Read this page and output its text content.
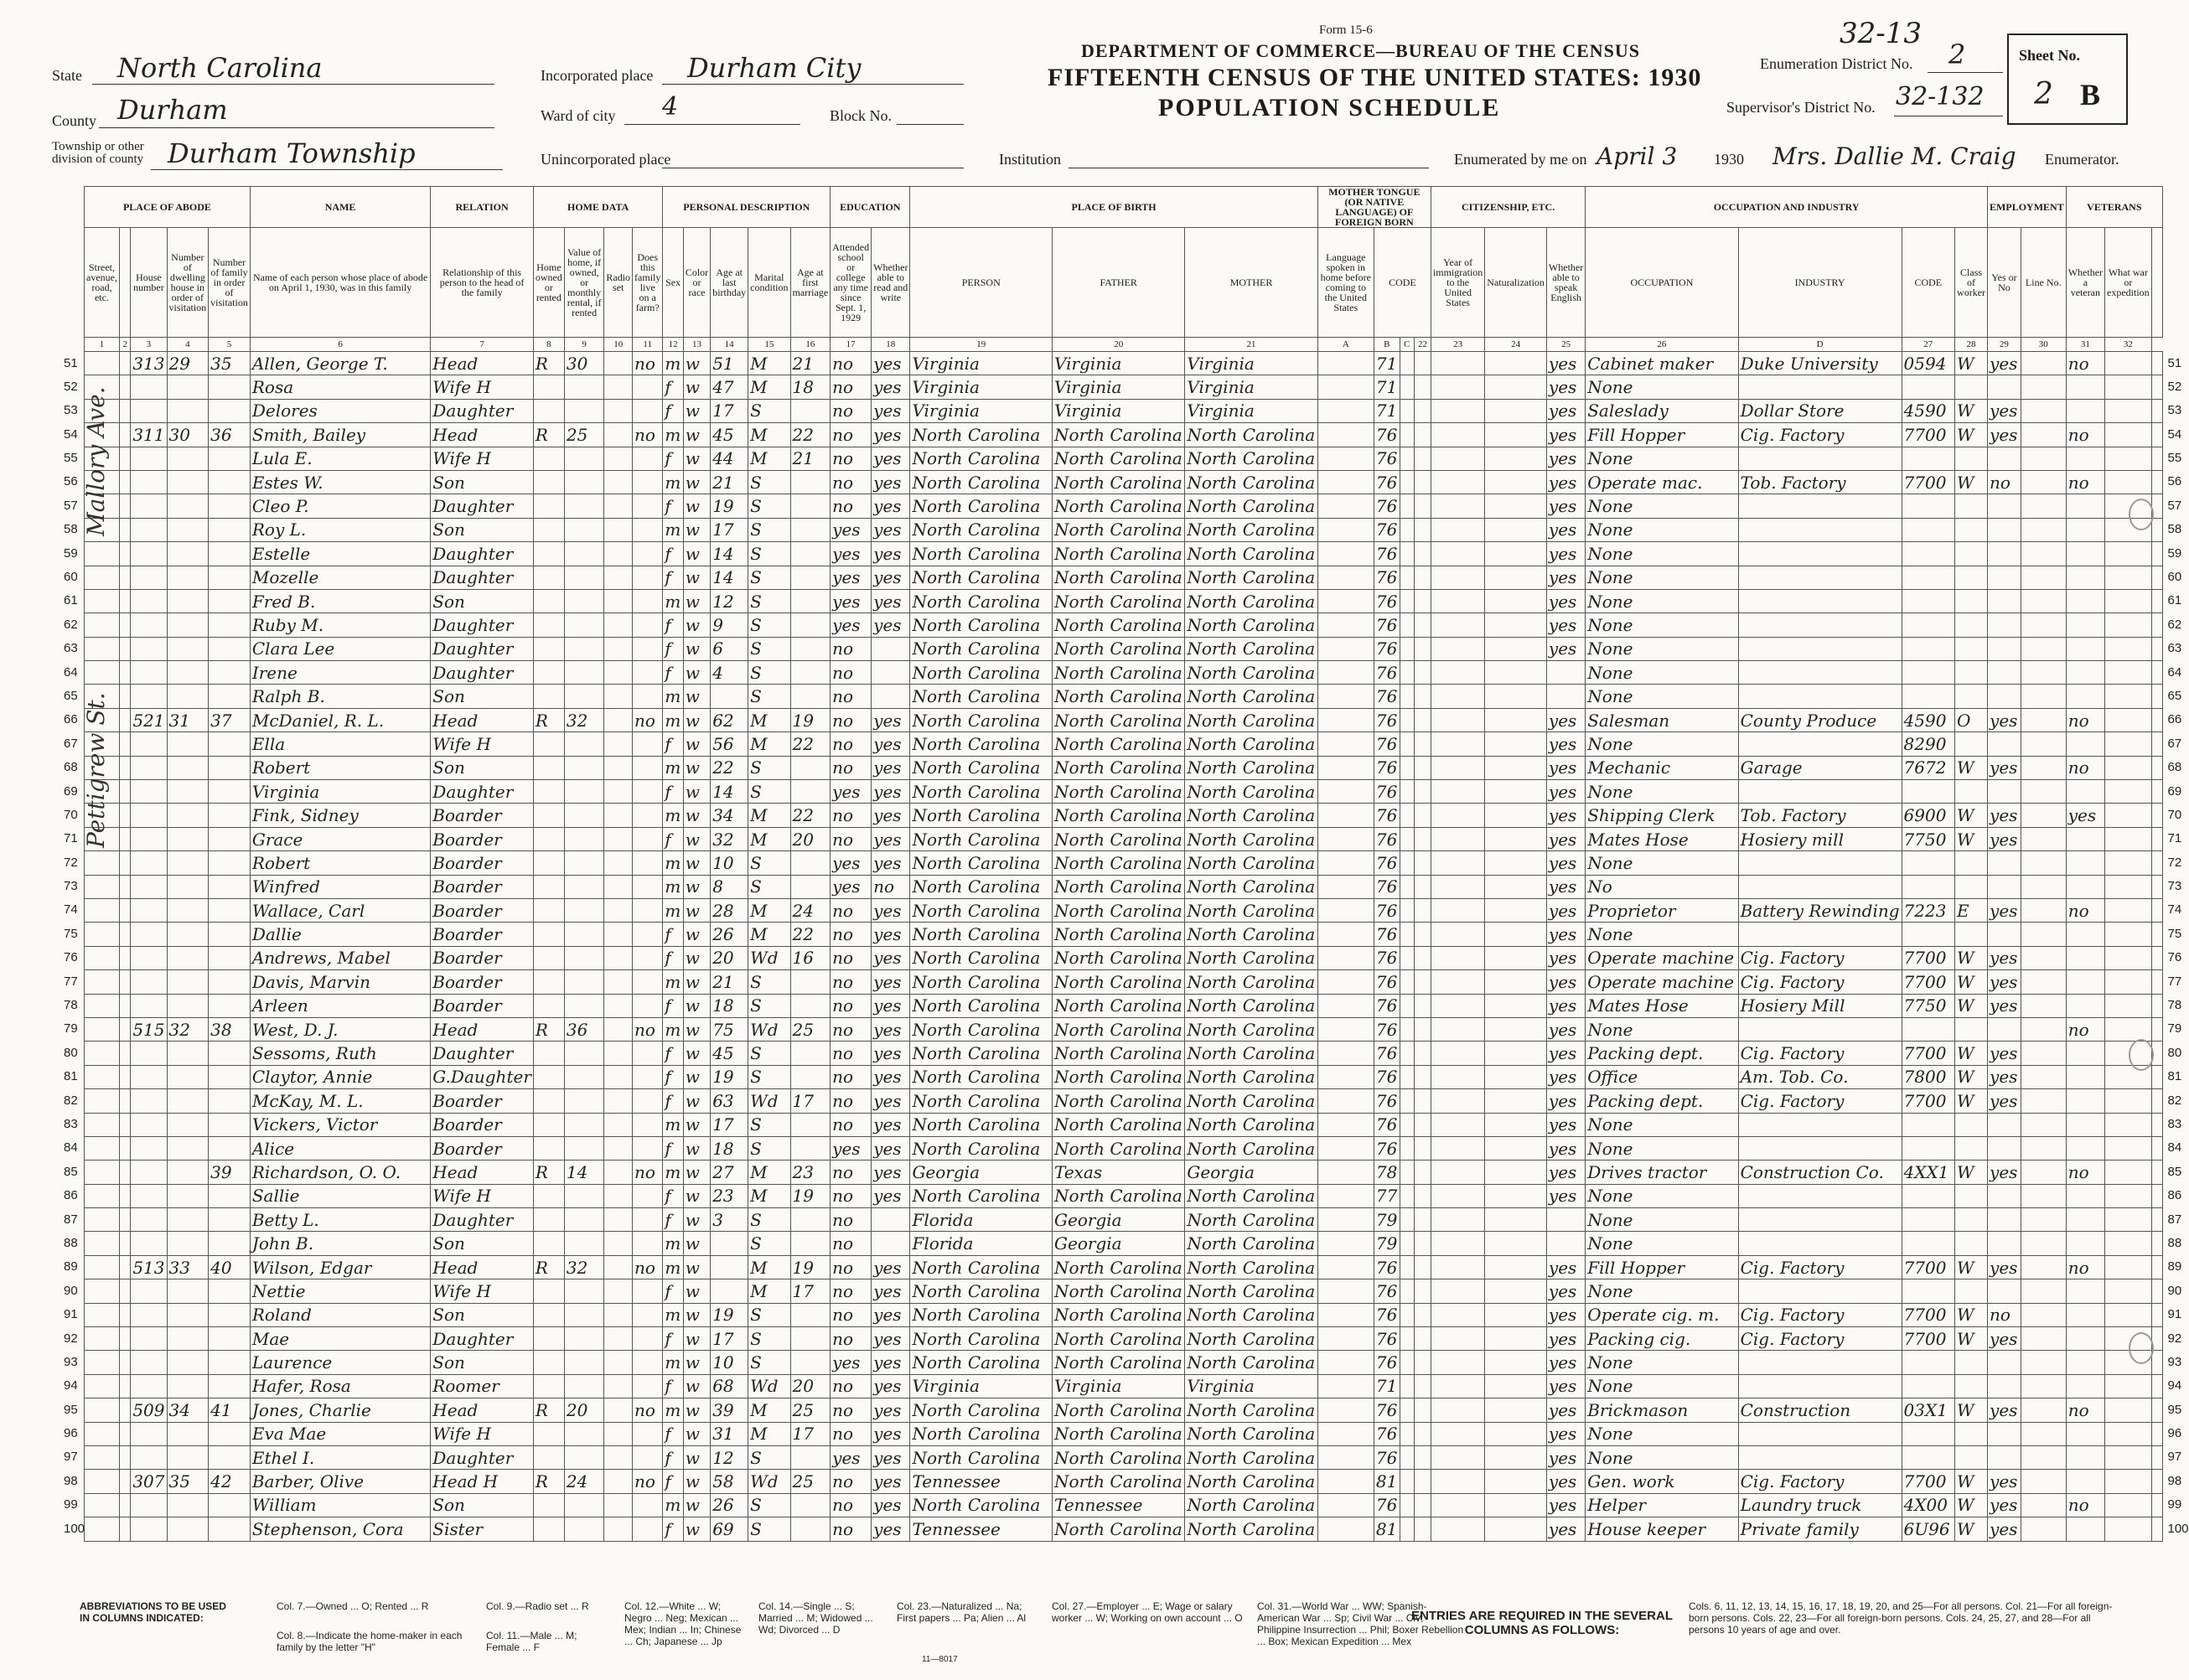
Form 15-6	32-13
DEPARTMENT OF COMMERCE—BUREAU OF THE CENSUS
FIFTEENTH CENSUS OF THE UNITED STATES: 1930
POPULATION SCHEDULE
State North Carolina
County Durham
Township or other division of county Durham Township
Incorporated place Durham City
Ward of city 4	Block No.
Unincorporated place	Institution
Enumeration District No. 2
Supervisor's District No. 32-132
Sheet No.
2 B
Enumerated by me on April 3 1930 Mrs. Dallie M. Craig Enumerator.
PLACE OF ABODE					NAME	RELATION	HOME DATA				PERSONAL DESCRIPTION					EDUCATION		PLACE OF BIRTH			MOTHER TONGUE (OR NATIVE LANGUAGE) OF FOREIGN BORN				CITIZENSHIP, ETC.			OCCUPATION AND INDUSTRY				EMPLOYMENT		VETERANS		
Street, avenue, road, etc.		House number	Number of dwelling house in order of visitation	Number of family in order of visitation	Name of each person whose place of abode on April 1, 1930, was in this family	Relationship of this person to the head of the family	Home owned or rented	Value of home, if owned, or monthly rental, if rented	Radio set	Does this family live on a farm?	Sex	Color or race	Age at last birthday	Marital condition	Age at first marriage	Attended school or college any time since Sept. 1, 1929	Whether able to read and write	PERSON	FATHER	MOTHER	Language spoken in home before coming to the United States	CODE			Year of immigration to the United States	Naturalization	Whether able to speak English	OCCUPATION	INDUSTRY	CODE	Class of worker	Yes or No	Line No.	Whether a veteran	What war or expedition	
1	2	3	4	5	6	7	8	9	10	11	12	13	14	15	16	17	18	19	20	21	A	B	C	22	23	24	25	26	D	27	28	29	30	31	32	
		313	29	35	Allen, George T.	Head	R	30		no	m	w	51	M	21	no	yes	Virginia	Virginia	Virginia		71					yes	Cabinet maker	Duke University	0594	W	yes		no		
					Rosa	Wife H					f	w	47	M	18	no	yes	Virginia	Virginia	Virginia		71					yes	None								
					Delores	Daughter					f	w	17	S		no	yes	Virginia	Virginia	Virginia		71					yes	Saleslady	Dollar Store	4590	W	yes				
		311	30	36	Smith, Bailey	Head	R	25		no	m	w	45	M	22	no	yes	North Carolina	North Carolina	North Carolina		76					yes	Fill Hopper	Cig. Factory	7700	W	yes		no		
					Lula E.	Wife H					f	w	44	M	21	no	yes	North Carolina	North Carolina	North Carolina		76					yes	None								
					Estes W.	Son					m	w	21	S		no	yes	North Carolina	North Carolina	North Carolina		76					yes	Operate mac.	Tob. Factory	7700	W	no		no		
					Cleo P.	Daughter					f	w	19	S		no	yes	North Carolina	North Carolina	North Carolina		76					yes	None								
					Roy L.	Son					m	w	17	S		yes	yes	North Carolina	North Carolina	North Carolina		76					yes	None								
					Estelle	Daughter					f	w	14	S		yes	yes	North Carolina	North Carolina	North Carolina		76					yes	None								
					Mozelle	Daughter					f	w	14	S		yes	yes	North Carolina	North Carolina	North Carolina		76					yes	None								
					Fred B.	Son					m	w	12	S		yes	yes	North Carolina	North Carolina	North Carolina		76					yes	None								
					Ruby M.	Daughter					f	w	9	S		yes	yes	North Carolina	North Carolina	North Carolina		76					yes	None								
					Clara Lee	Daughter					f	w	6	S		no		North Carolina	North Carolina	North Carolina		76					yes	None								
					Irene	Daughter					f	w	4	S		no		North Carolina	North Carolina	North Carolina		76						None								
					Ralph B.	Son					m	w		S		no		North Carolina	North Carolina	North Carolina		76						None								
		521	31	37	McDaniel, R. L.	Head	R	32		no	m	w	62	M	19	no	yes	North Carolina	North Carolina	North Carolina		76					yes	Salesman	County Produce	4590	O	yes		no		
					Ella	Wife H					f	w	56	M	22	no	yes	North Carolina	North Carolina	North Carolina		76					yes	None		8290						
					Robert	Son					m	w	22	S		no	yes	North Carolina	North Carolina	North Carolina		76					yes	Mechanic	Garage	7672	W	yes		no		
					Virginia	Daughter					f	w	14	S		yes	yes	North Carolina	North Carolina	North Carolina		76					yes	None								
					Fink, Sidney	Boarder					m	w	34	M	22	no	yes	North Carolina	North Carolina	North Carolina		76					yes	Shipping Clerk	Tob. Factory	6900	W	yes		yes		
					Grace	Boarder					f	w	32	M	20	no	yes	North Carolina	North Carolina	North Carolina		76					yes	Mates Hose	Hosiery mill	7750	W	yes				
					Robert	Boarder					m	w	10	S		yes	yes	North Carolina	North Carolina	North Carolina		76					yes	None								
					Winfred	Boarder					m	w	8	S		yes	no	North Carolina	North Carolina	North Carolina		76					yes	No								
					Wallace, Carl	Boarder					m	w	28	M	24	no	yes	North Carolina	North Carolina	North Carolina		76					yes	Proprietor	Battery Rewinding	7223	E	yes		no		
					Dallie	Boarder					f	w	26	M	22	no	yes	North Carolina	North Carolina	North Carolina		76					yes	None								
					Andrews, Mabel	Boarder					f	w	20	Wd	16	no	yes	North Carolina	North Carolina	North Carolina		76					yes	Operate machine	Cig. Factory	7700	W	yes				
					Davis, Marvin	Boarder					m	w	21	S		no	yes	North Carolina	North Carolina	North Carolina		76					yes	Operate machine	Cig. Factory	7700	W	yes				
					Arleen	Boarder					f	w	18	S		no	yes	North Carolina	North Carolina	North Carolina		76					yes	Mates Hose	Hosiery Mill	7750	W	yes				
		515	32	38	West, D. J.	Head	R	36		no	m	w	75	Wd	25	no	yes	North Carolina	North Carolina	North Carolina		76					yes	None						no		
					Sessoms, Ruth	Daughter					f	w	45	S		no	yes	North Carolina	North Carolina	North Carolina		76					yes	Packing dept.	Cig. Factory	7700	W	yes				
					Claytor, Annie	G.Daughter					f	w	19	S		no	yes	North Carolina	North Carolina	North Carolina		76					yes	Office	Am. Tob. Co.	7800	W	yes				
					McKay, M. L.	Boarder					f	w	63	Wd	17	no	yes	North Carolina	North Carolina	North Carolina		76					yes	Packing dept.	Cig. Factory	7700	W	yes				
					Vickers, Victor	Boarder					m	w	17	S		no	yes	North Carolina	North Carolina	North Carolina		76					yes	None								
					Alice	Boarder					f	w	18	S		yes	yes	North Carolina	North Carolina	North Carolina		76					yes	None								
				39	Richardson, O. O.	Head	R	14		no	m	w	27	M	23	no	yes	Georgia	Texas	Georgia		78					yes	Drives tractor	Construction Co.	4XX1	W	yes		no		
					Sallie	Wife H					f	w	23	M	19	no	yes	North Carolina	North Carolina	North Carolina		77					yes	None								
					Betty L.	Daughter					f	w	3	S		no		Florida	Georgia	North Carolina		79						None								
					John B.	Son					m	w		S		no		Florida	Georgia	North Carolina		79						None								
		513	33	40	Wilson, Edgar	Head	R	32		no	m	w		M	19	no	yes	North Carolina	North Carolina	North Carolina		76					yes	Fill Hopper	Cig. Factory	7700	W	yes		no		
					Nettie	Wife H					f	w		M	17	no	yes	North Carolina	North Carolina	North Carolina		76					yes	None								
					Roland	Son					m	w	19	S		no	yes	North Carolina	North Carolina	North Carolina		76					yes	Operate cig. m.	Cig. Factory	7700	W	no				
					Mae	Daughter					f	w	17	S		no	yes	North Carolina	North Carolina	North Carolina		76					yes	Packing cig.	Cig. Factory	7700	W	yes				
					Laurence	Son					m	w	10	S		yes	yes	North Carolina	North Carolina	North Carolina		76					yes	None								
					Hafer, Rosa	Roomer					f	w	68	Wd	20	no	yes	Virginia	Virginia	Virginia		71					yes	None								
		509	34	41	Jones, Charlie	Head	R	20		no	m	w	39	M	25	no	yes	North Carolina	North Carolina	North Carolina		76					yes	Brickmason	Construction	03X1	W	yes		no		
					Eva Mae	Wife H					f	w	31	M	17	no	yes	North Carolina	North Carolina	North Carolina		76					yes	None								
					Ethel I.	Daughter					f	w	12	S		yes	yes	North Carolina	North Carolina	North Carolina		76					yes	None								
		307	35	42	Barber, Olive	Head H	R	24		no	f	w	58	Wd	25	no	yes	Tennessee	North Carolina	North Carolina		81					yes	Gen. work	Cig. Factory	7700	W	yes				
					William	Son					m	w	26	S		no	yes	North Carolina	Tennessee	North Carolina		76					yes	Helper	Laundry truck	4X00	W	yes		no		
					Stephenson, Cora	Sister					f	w	69	S		no	yes	Tennessee	North Carolina	North Carolina		81					yes	House keeper	Private family	6U96	W	yes				
51	51
52	52
53	53
54	54
55	55
56	56
57	57
58	58
59	59
60	60
61	61
62	62
63	63
64	64
65	65
66	66
67	67
68	68
69	69
70	70
71	71
72	72
73	73
74	74
75	75
76	76
77	77
78	78
79	79
80	80
81	81
82	82
83	83
84	84
85	85
86	86
87	87
88	88
89	89
90	90
91	91
92	92
93	93
94	94
95	95
96	96
97	97
98	98
99	99
100	100
Mallory Ave.
Pettigrew St.
ABBREVIATIONS TO BE USED IN COLUMNS INDICATED:
Col. 7.—Owned ... O; Rented ... R
Col. 8.—Indicate the home-maker in each family by the letter "H"
Col. 9.—Radio set ... R
Col. 11.—Male ... M; Female ... F
Col. 12.—White ... W; Negro ... Neg; Mexican ... Mex; Indian ... In; Chinese ... Ch; Japanese ... Jp
Col. 14.—Single ... S; Married ... M; Widowed ... Wd; Divorced ... D
Col. 23.—Naturalized ... Na; First papers ... Pa; Alien ... Al
Col. 27.—Employer ... E; Wage or salary worker ... W; Working on own account ... O
Col. 31.—World War ... WW; Spanish-American War ... Sp; Civil War ... Civ; Philippine Insurrection ... Phil; Boxer Rebellion ... Box; Mexican Expedition ... Mex
ENTRIES ARE REQUIRED IN THE SEVERAL COLUMNS AS FOLLOWS:
Cols. 6, 11, 12, 13, 14, 15, 16, 17, 18, 19, 20, and 25—For all persons. Col. 21—For all foreign-born persons. Cols. 22, 23—For all foreign-born persons. Cols. 24, 25, 27, and 28—For all persons 10 years of age and over.
11—8017
